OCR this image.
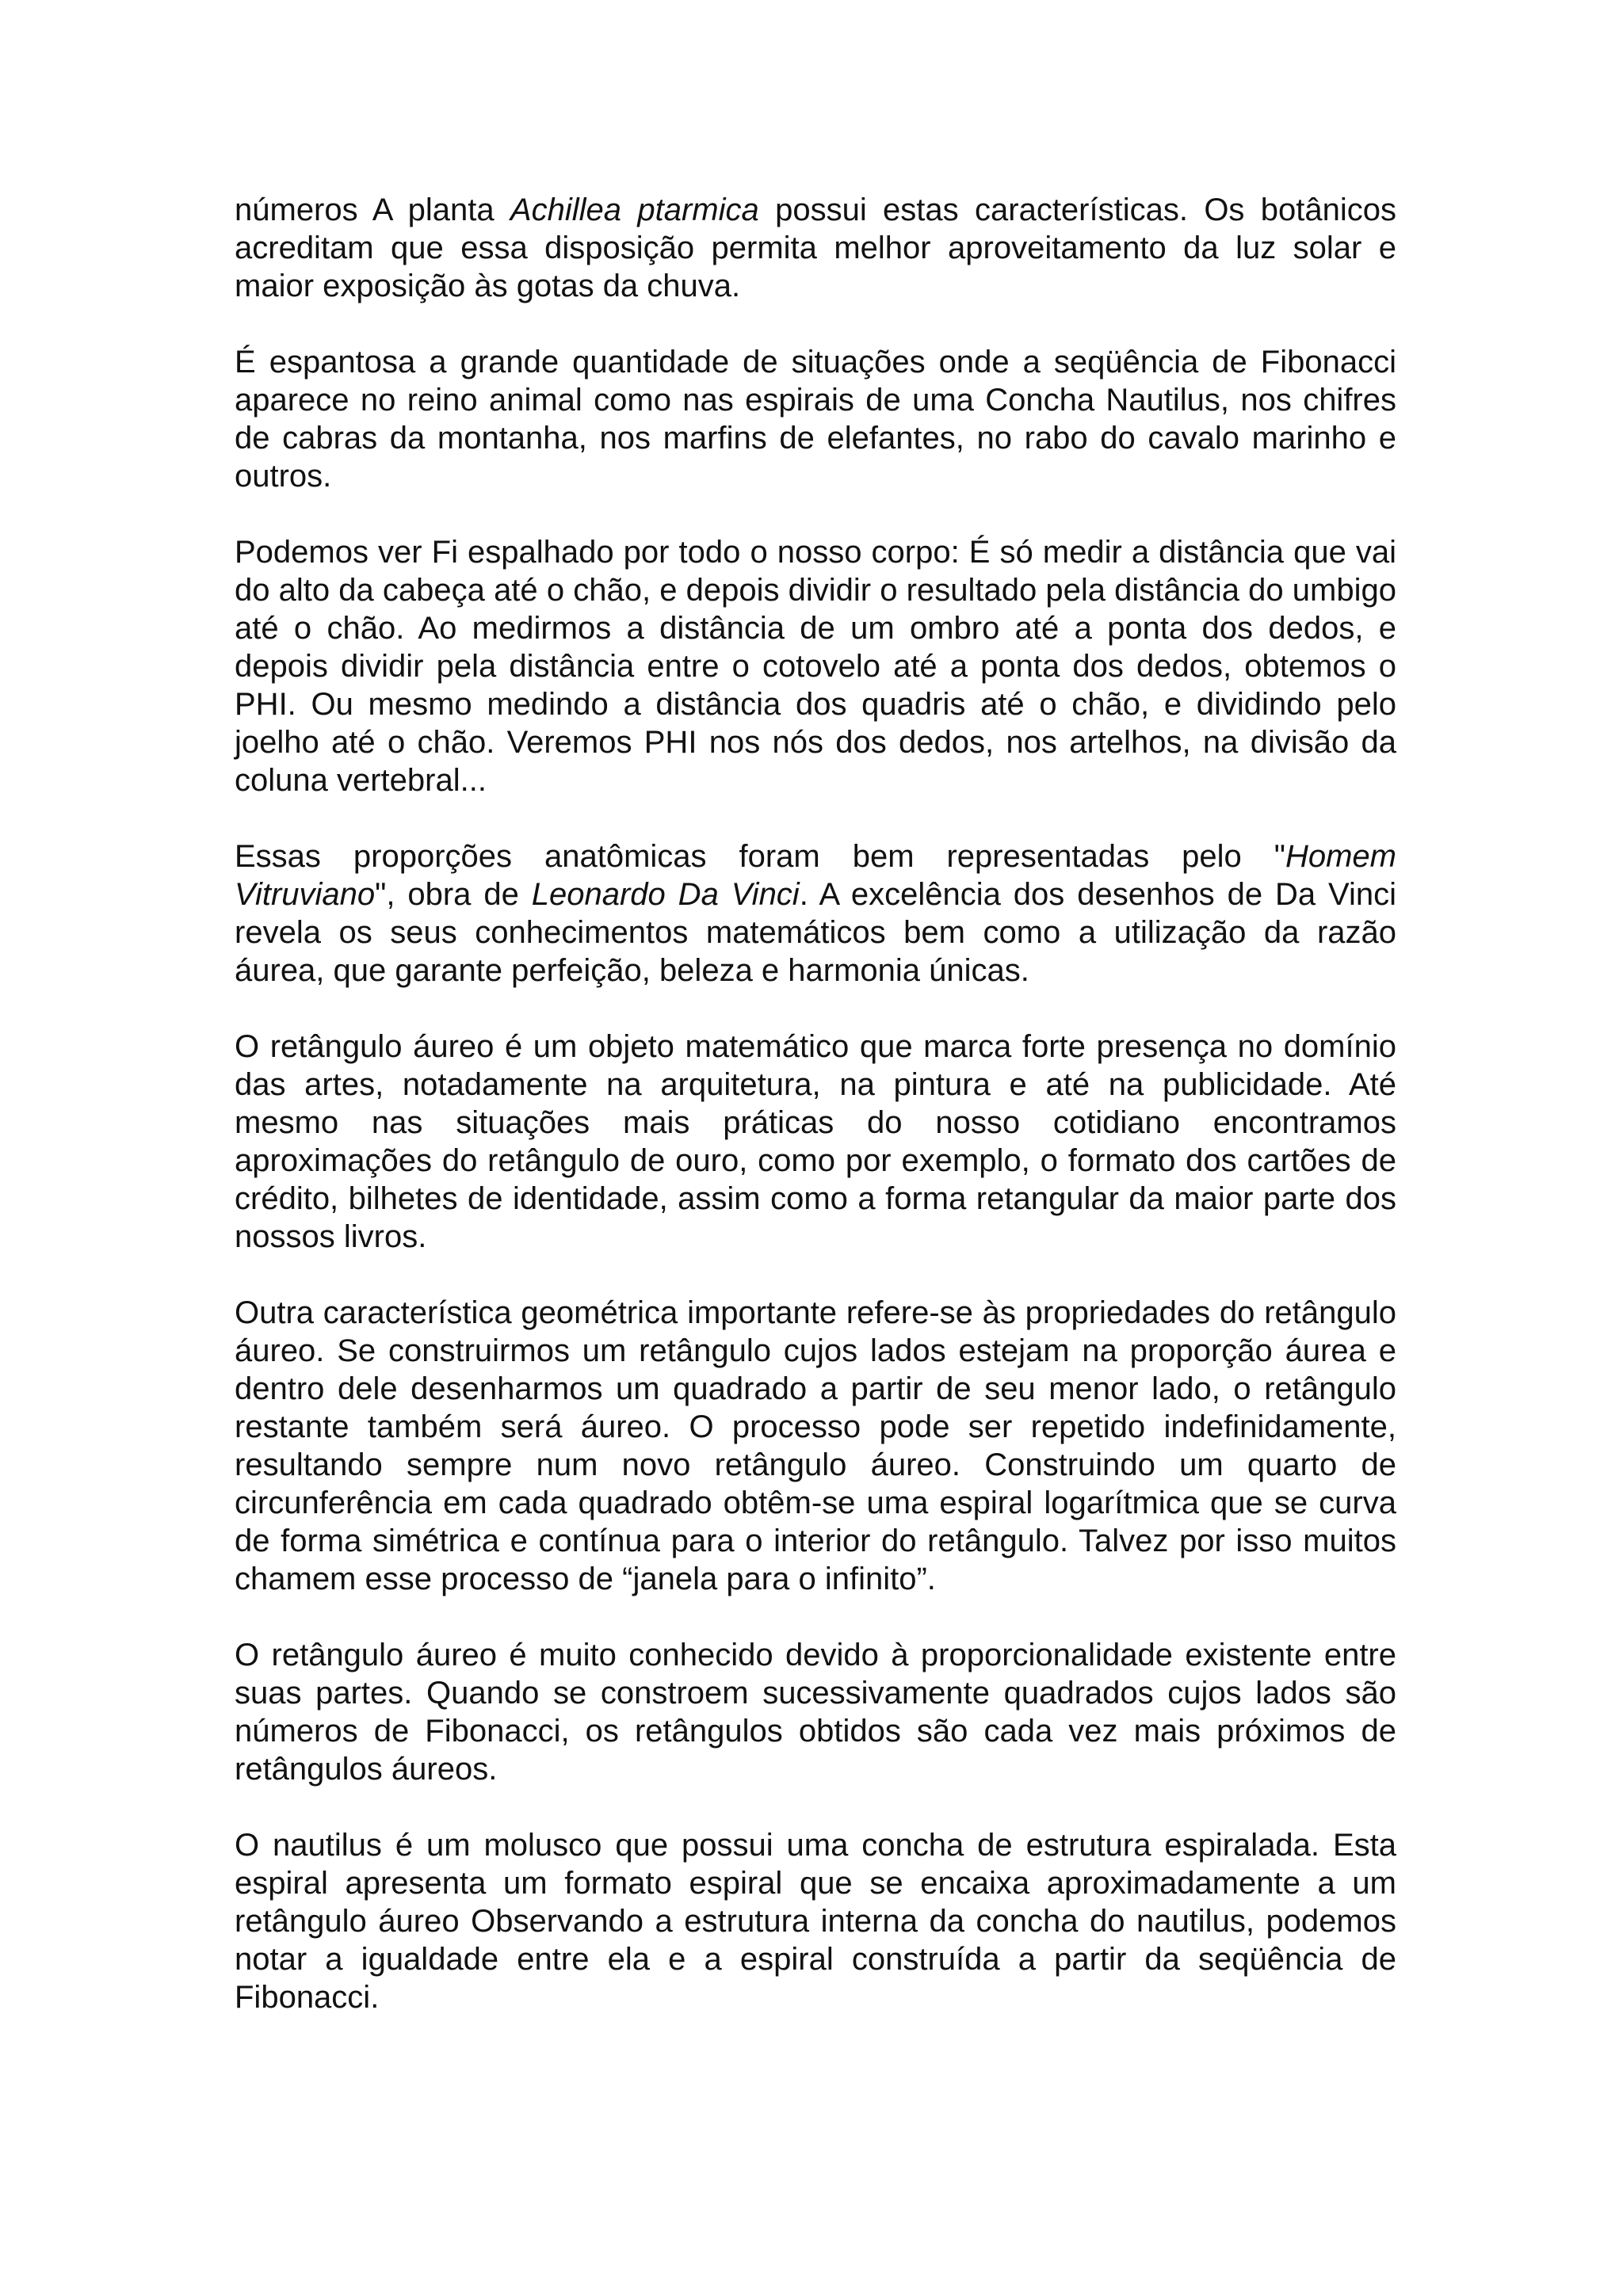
números A planta Achillea ptarmica possui estas características. Os botânicos acreditam que essa disposição permita melhor aproveitamento da luz solar e maior exposição às gotas da chuva.

É espantosa a grande quantidade de situações onde a seqüência de Fibonacci aparece no reino animal como nas espirais de uma Concha Nautilus, nos chifres de cabras da montanha, nos marfins de elefantes, no rabo do cavalo marinho e outros.

Podemos ver Fi espalhado por todo o nosso corpo: É só medir a distância que vai do alto da cabeça até o chão, e depois dividir o resultado pela distância do umbigo até o chão. Ao medirmos a distância de um ombro até a ponta dos dedos, e depois dividir pela distância entre o cotovelo até a ponta dos dedos, obtemos o PHI. Ou mesmo medindo a distância dos quadris até o chão, e dividindo pelo joelho até o chão. Veremos PHI nos nós dos dedos, nos artelhos, na divisão da coluna vertebral...

Essas proporções anatômicas foram bem representadas pelo "Homem Vitruviano", obra de Leonardo Da Vinci. A excelência dos desenhos de Da Vinci revela os seus conhecimentos matemáticos bem como a utilização da razão áurea, que garante perfeição, beleza e harmonia únicas.

O retângulo áureo é um objeto matemático que marca forte presença no domínio das artes, notadamente na arquitetura, na pintura e até na publicidade. Até mesmo nas situações mais práticas do nosso cotidiano encontramos aproximações do retângulo de ouro, como por exemplo, o formato dos cartões de crédito, bilhetes de identidade, assim como a forma retangular da maior parte dos nossos livros.

Outra característica geométrica importante refere-se às propriedades do retângulo áureo. Se construirmos um retângulo cujos lados estejam na proporção áurea e dentro dele desenharmos um quadrado a partir de seu menor lado, o retângulo restante também será áureo. O processo pode ser repetido indefinidamente, resultando sempre num novo retângulo áureo. Construindo um quarto de circunferência em cada quadrado obtêm-se uma espiral logarítmica que se curva de forma simétrica e contínua para o interior do retângulo. Talvez por isso muitos chamem esse processo de “janela para o infinito”.

O retângulo áureo é muito conhecido devido à proporcionalidade existente entre suas partes. Quando se constroem sucessivamente quadrados cujos lados são números de Fibonacci, os retângulos obtidos são cada vez mais próximos de retângulos áureos.

O nautilus é um molusco que possui uma concha de estrutura espiralada. Esta espiral apresenta um formato espiral que se encaixa aproximadamente a um retângulo áureo Observando a estrutura interna da concha do nautilus, podemos notar a igualdade entre ela e a espiral construída a partir da seqüência de Fibonacci.
